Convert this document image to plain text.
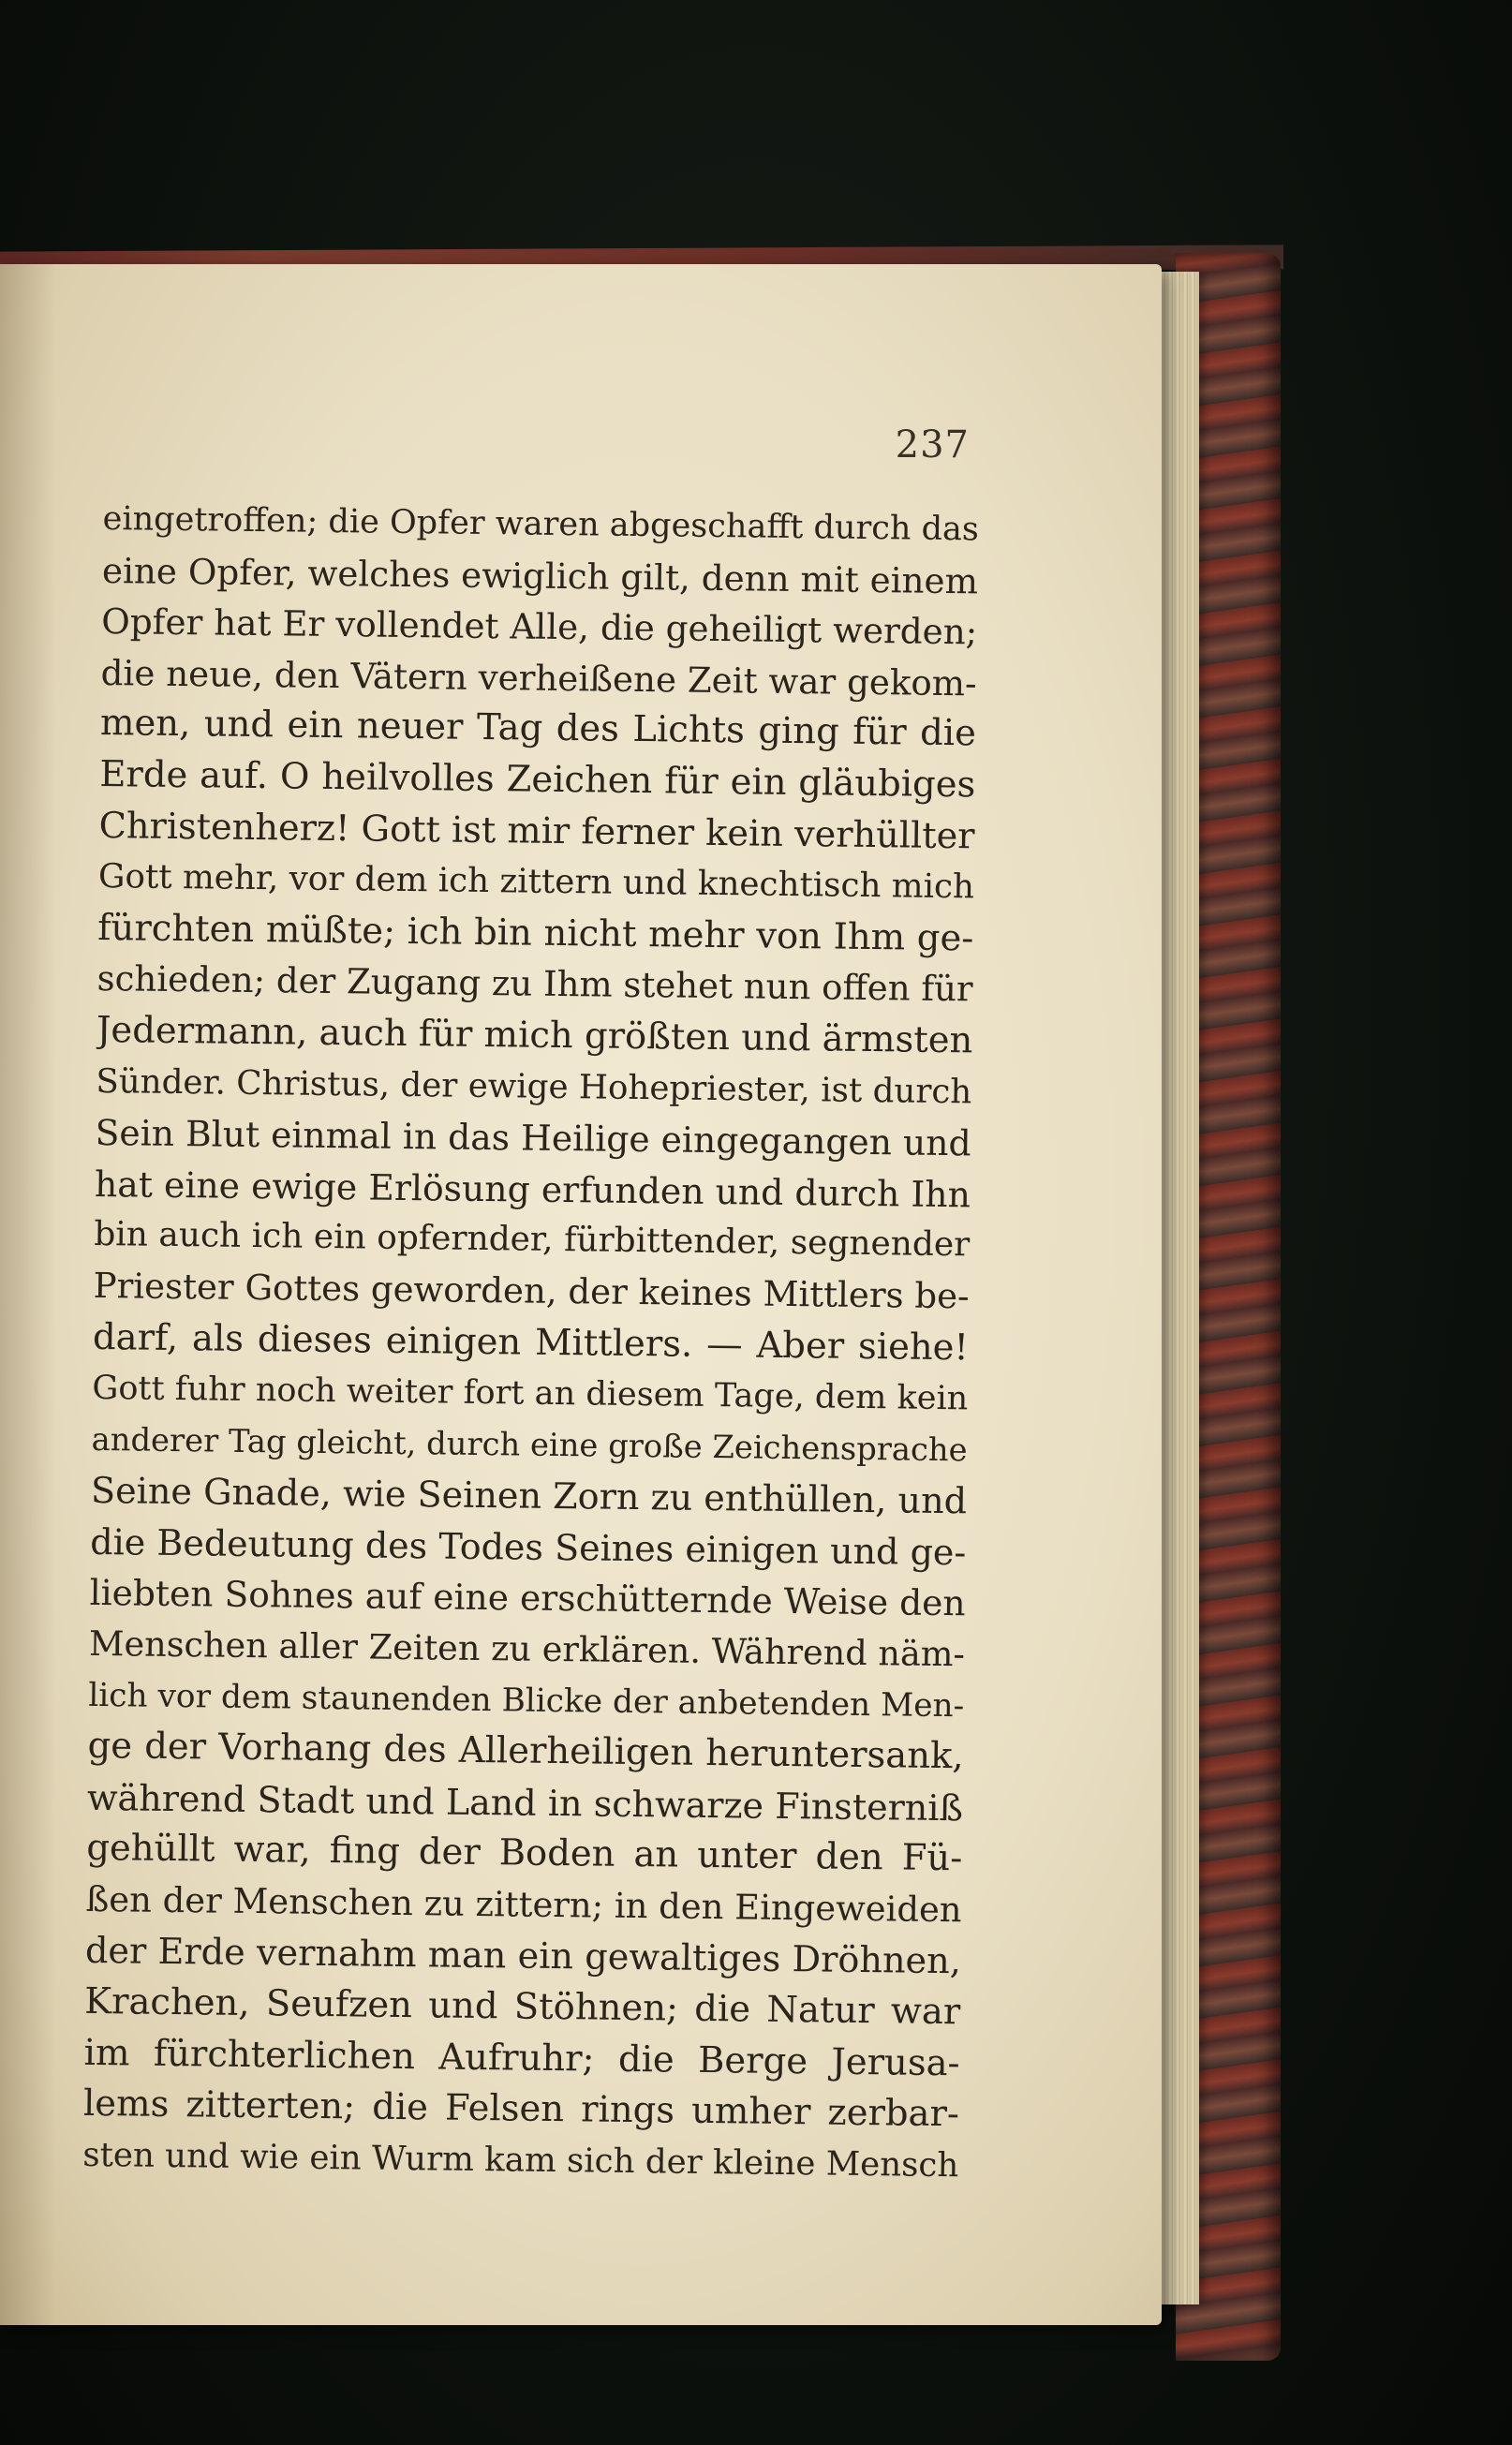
237
eingetroffen; die Opfer waren abgeschafft durch das
eine Opfer, welches ewiglich gilt, denn mit einem
Opfer hat Er vollendet Alle, die geheiligt werden;
die neue, den Vätern verheißene Zeit war gekom-
men, und ein neuer Tag des Lichts ging für die
Erde auf. O heilvolles Zeichen für ein gläubiges
Christenherz! Gott ist mir ferner kein verhüllter
Gott mehr, vor dem ich zittern und knechtisch mich
fürchten müßte; ich bin nicht mehr von Ihm ge-
schieden; der Zugang zu Ihm stehet nun offen für
Jedermann, auch für mich größten und ärmsten
Sünder. Christus, der ewige Hohepriester, ist durch
Sein Blut einmal in das Heilige eingegangen und
hat eine ewige Erlösung erfunden und durch Ihn
bin auch ich ein opfernder, fürbittender, segnender
Priester Gottes geworden, der keines Mittlers be-
darf, als dieses einigen Mittlers. — Aber siehe!
Gott fuhr noch weiter fort an diesem Tage, dem kein
anderer Tag gleicht, durch eine große Zeichensprache
Seine Gnade, wie Seinen Zorn zu enthüllen, und
die Bedeutung des Todes Seines einigen und ge-
liebten Sohnes auf eine erschütternde Weise den
Menschen aller Zeiten zu erklären. Während näm-
lich vor dem staunenden Blicke der anbetenden Men-
ge der Vorhang des Allerheiligen heruntersank,
während Stadt und Land in schwarze Finsterniß
gehüllt war, fing der Boden an unter den Fü-
ßen der Menschen zu zittern; in den Eingeweiden
der Erde vernahm man ein gewaltiges Dröhnen,
Krachen, Seufzen und Stöhnen; die Natur war
im fürchterlichen Aufruhr; die Berge Jerusa-
lems zitterten; die Felsen rings umher zerbar-
sten und wie ein Wurm kam sich der kleine Mensch
